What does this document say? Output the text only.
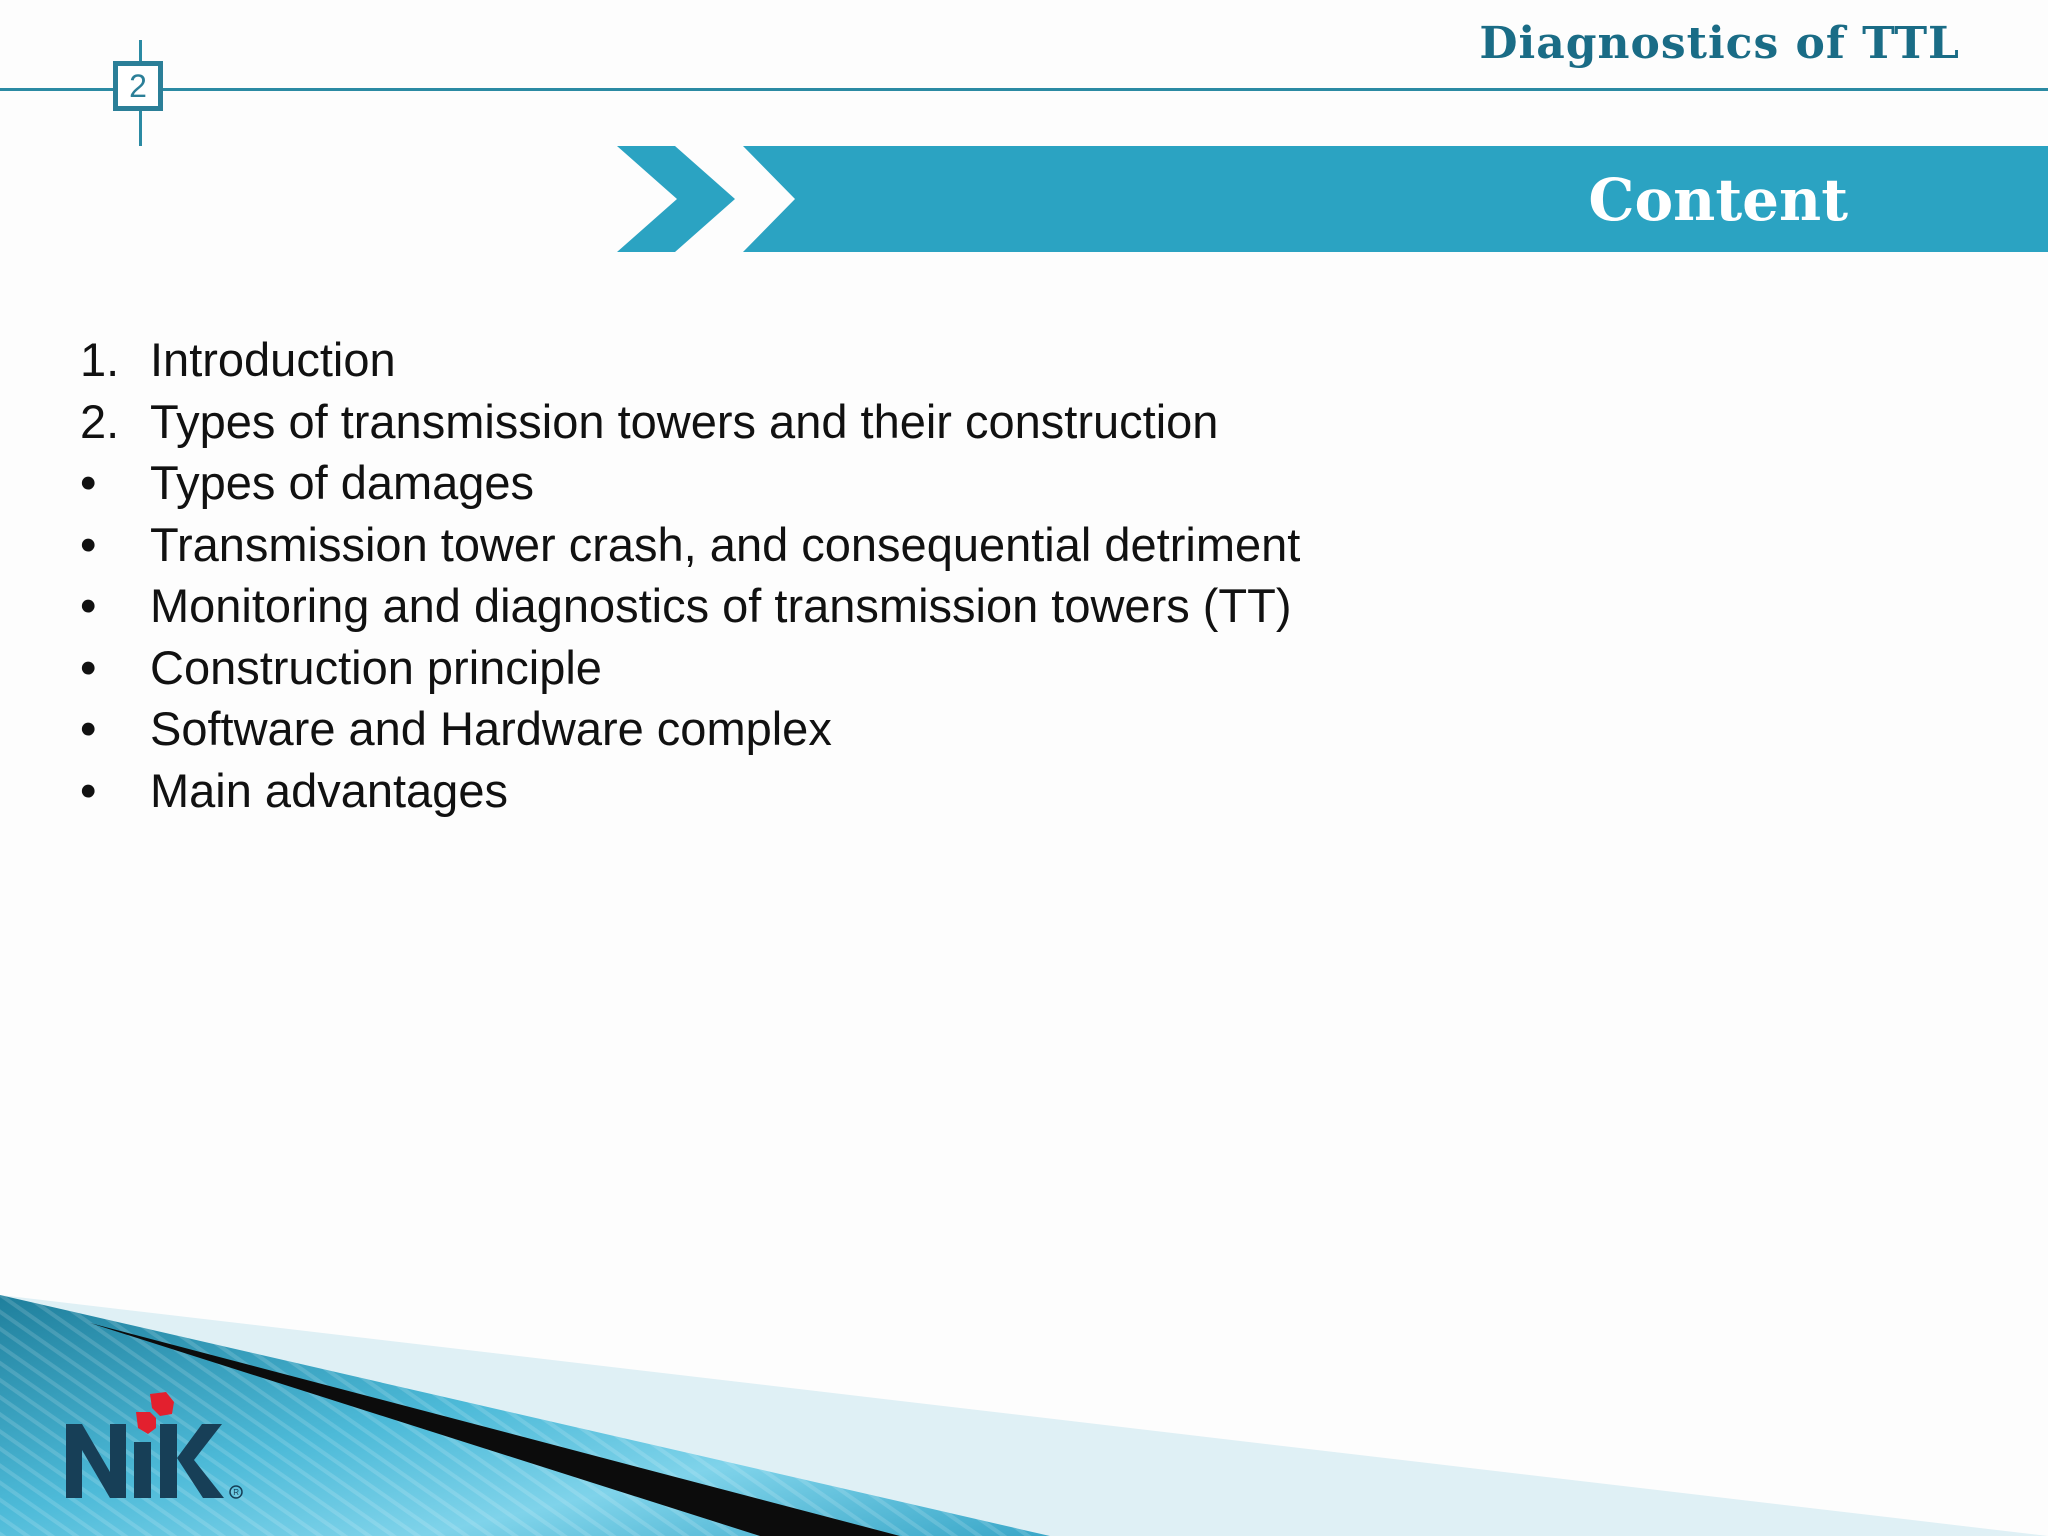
2
Diagnostics of TTL
Content
1. Introduction
2. Types of transmission towers and their construction
• Types of damages
• Transmission tower crash, and consequential detriment
• Monitoring and diagnostics of transmission towers (TT)
• Construction principle
• Software and Hardware complex
• Main advantages
R
